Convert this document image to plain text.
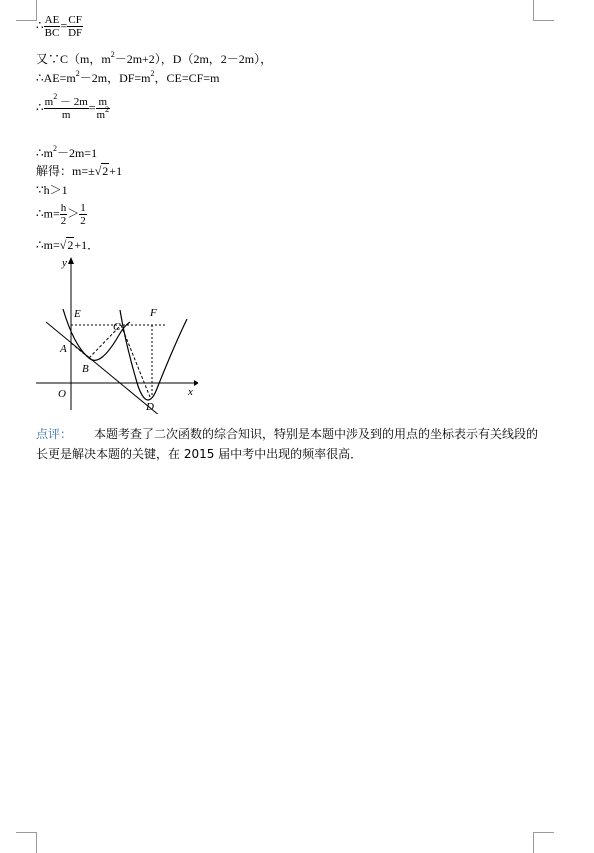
∴ $\frac{AE}{BC} = \frac{CF}{DF}$
又∵C（m，$m^2-2m+2$），D（2m，2－2m），
$\therefore AE=m^2-2m$，$DF=m^2$，CE=CF=m
∴ $\frac{m^2 - 2m}{m} = \frac{m}{m^2}$
$\therefore m^2-2m=1$
解得：m=±√2+1
∵h＞1
∴m= $\frac{h}{2} > \frac{1}{2}$
∴m=√2+1．
y
x
O
A
B
C
D
E	F
点评： 本题考查了二次函数的综合知识，特别是本题中涉及到的用点的坐标表示有关线段的长更是解决本题的关键，在 2015 届中考中出现的频率很高．
